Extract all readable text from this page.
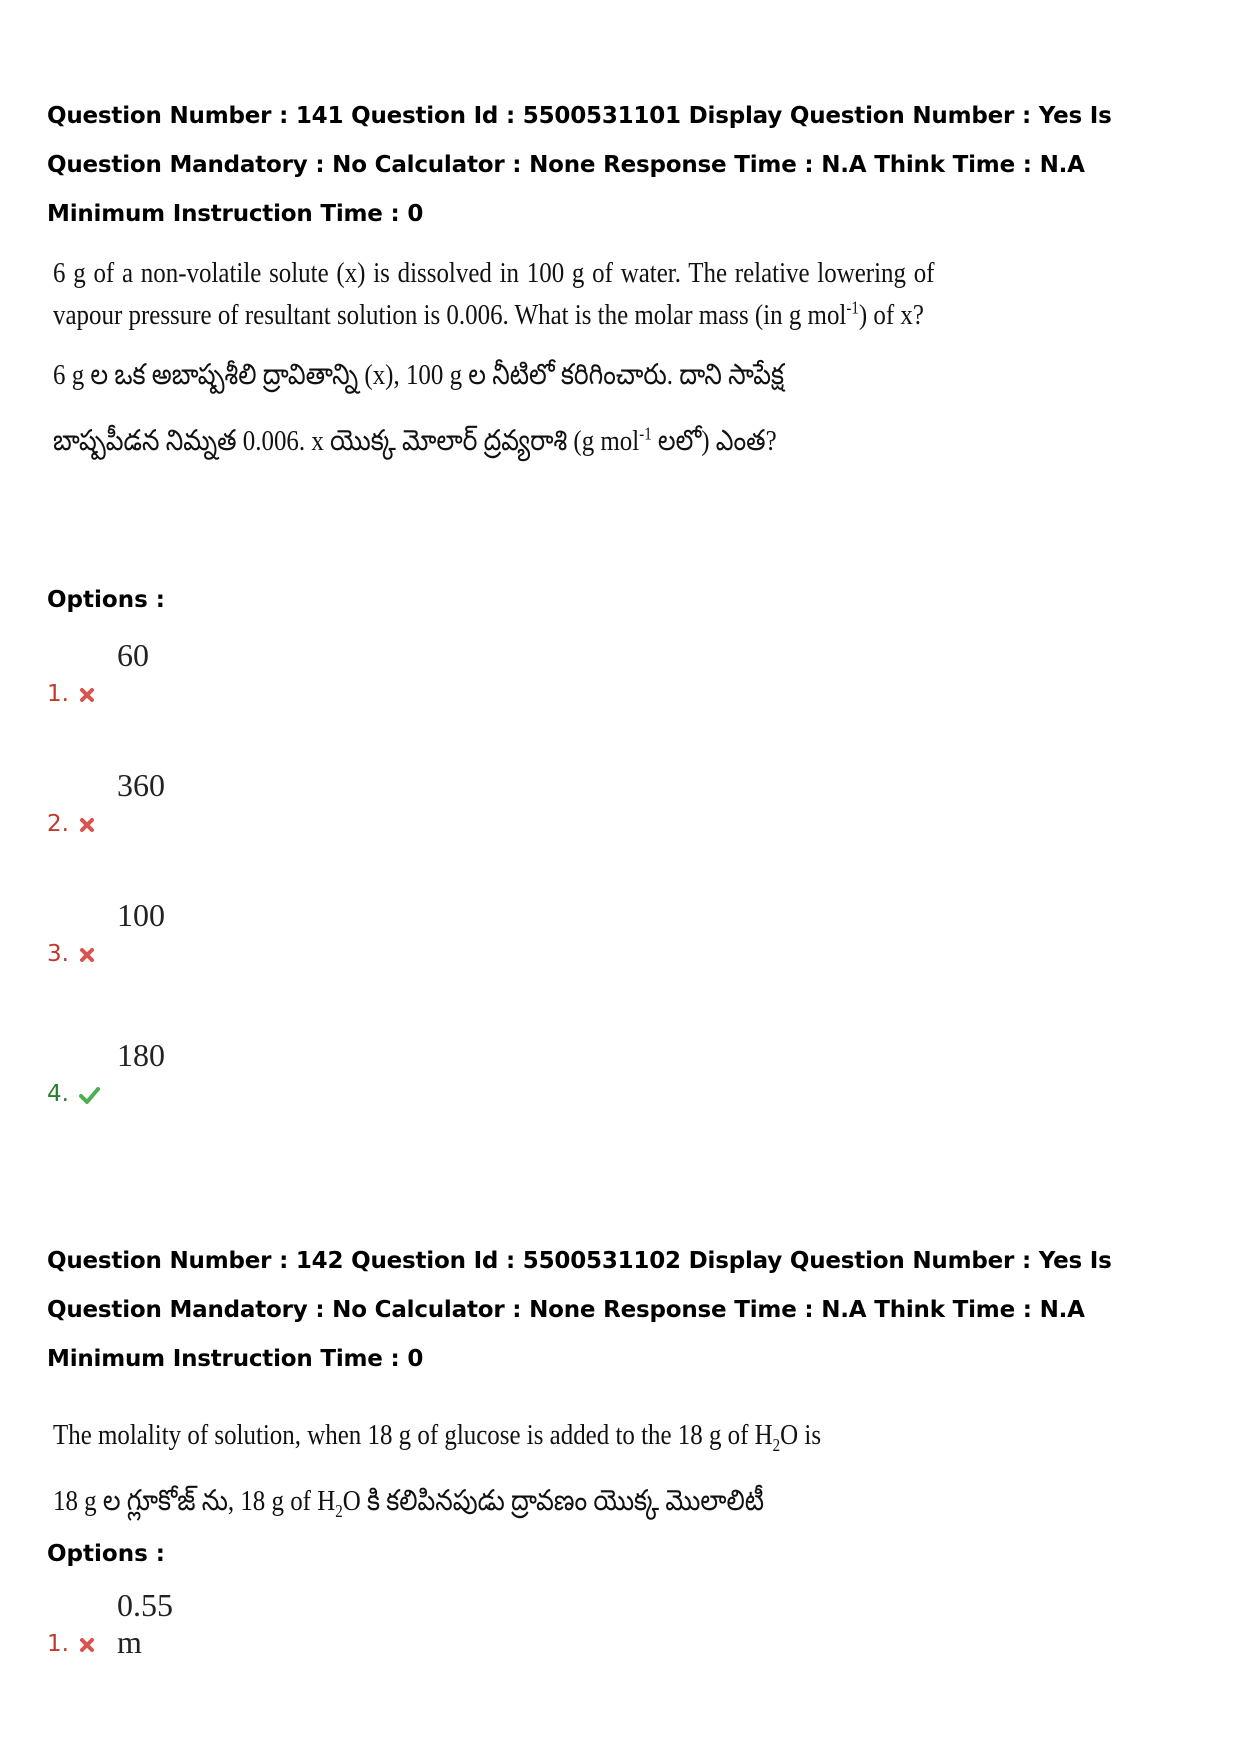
Question Number : 141 Question Id : 5500531101 Display Question Number : Yes Is Question Mandatory : No Calculator : None Response Time : N.A Think Time : N.A Minimum Instruction Time : 0
6 g of a non-volatile solute (x) is dissolved in 100 g of water. The relative lowering of vapour pressure of resultant solution is 0.006. What is the molar mass (in g mol$^{-1}$) of x?
6 g ల ఒక అబాష్పశీలి ద్రావితాన్ని (x), 100 g ల నీటిలో కరిగించారు. దాని సాపేక్ష
బాష్పపీడన నిమ్నత 0.006. x యొక్క మోలార్ ద్రవ్యరాశి (g mol$^{-1}$ లలో) ఎంత?
Options :
1.
60
2.
360
3.
100
4.
180
Question Number : 142 Question Id : 5500531102 Display Question Number : Yes Is Question Mandatory : No Calculator : None Response Time : N.A Think Time : N.A Minimum Instruction Time : 0
The molality of solution, when 18 g of glucose is added to the 18 g of $H_2O$ is
18 g ల గ్లూకోజ్ ను, 18 g of $H_2O$ కి కలిపినపుడు ద్రావణం యొక్క మొలాలిటీ
Options :
1.
0.55 m
